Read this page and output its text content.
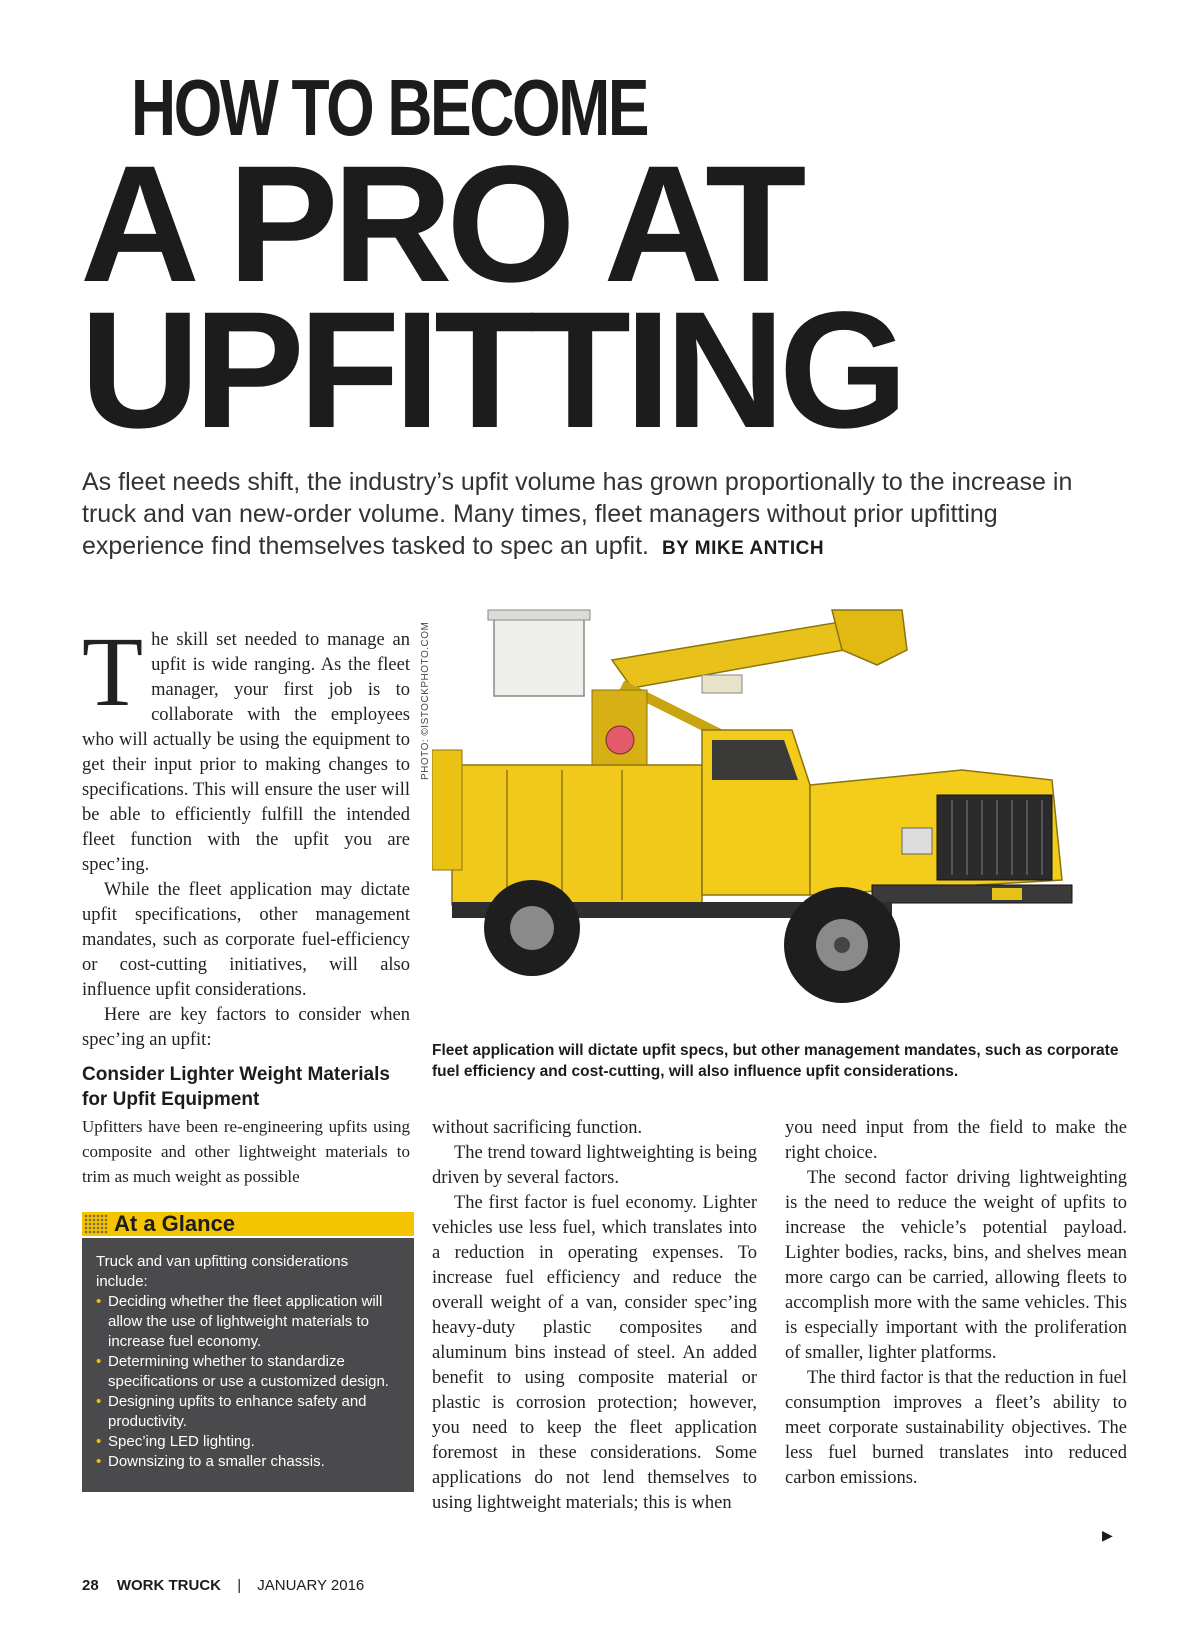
HOW TO BECOME
A PRO AT
UPFITTING
As fleet needs shift, the industry’s upfit volume has grown proportionally to the increase in truck and van new-order volume. Many times, fleet managers without prior upfitting experience find themselves tasked to spec an upfit. BY MIKE ANTICH

T he skill set needed to manage an upfit is wide ranging. As the fleet manager, your first job is to collaborate with the employees who will actually be using the equipment to get their input prior to making changes to specifications. This will ensure the user will be able to efficiently fulfill the intended fleet function with the upfit you are spec’ing.

While the fleet application may dictate upfit specifications, other management mandates, such as corporate fuel-efficiency or cost-cutting initiatives, will also influence upfit considerations.

Here are key factors to consider when spec’ing an upfit:

Consider Lighter Weight Materials for Upfit Equipment
Upfitters have been re-engineering upfits using composite and other lightweight materials to trim as much weight as possible
At a Glance
Truck and van upfitting considerations include:
• Deciding whether the fleet application will allow the use of lightweight materials to increase fuel economy.
• Determining whether to standardize specifications or use a customized design.
• Designing upfits to enhance safety and productivity.
• Spec’ing LED lighting.
• Downsizing to a smaller chassis.
PHOTO: ©ISTOCKPHOTO.COM
Fleet application will dictate upfit specs, but other management mandates, such as corporate fuel efficiency and cost-cutting, will also influence upfit considerations.

without sacrificing function.

The trend toward lightweighting is being driven by several factors.

The first factor is fuel economy. Lighter vehicles use less fuel, which translates into a reduction in operating expenses. To increase fuel efficiency and reduce the overall weight of a van, consider spec’ing heavy-duty plastic composites and aluminum bins instead of steel. An added benefit to using composite material or plastic is corrosion protection; however, you need to keep the fleet application foremost in these considerations. Some applications do not lend themselves to using lightweight materials; this is when

you need input from the field to make the right choice.

The second factor driving lightweighting is the need to reduce the weight of upfits to increase the vehicle’s potential payload. Lighter bodies, racks, bins, and shelves mean more cargo can be carried, allowing fleets to accomplish more with the same vehicles. This is especially important with the proliferation of smaller, lighter platforms.

The third factor is that the reduction in fuel consumption improves a fleet’s ability to meet corporate sustainability objectives. The less fuel burned translates into reduced carbon emissions.

▶
28 WORK TRUCK | JANUARY 2016
